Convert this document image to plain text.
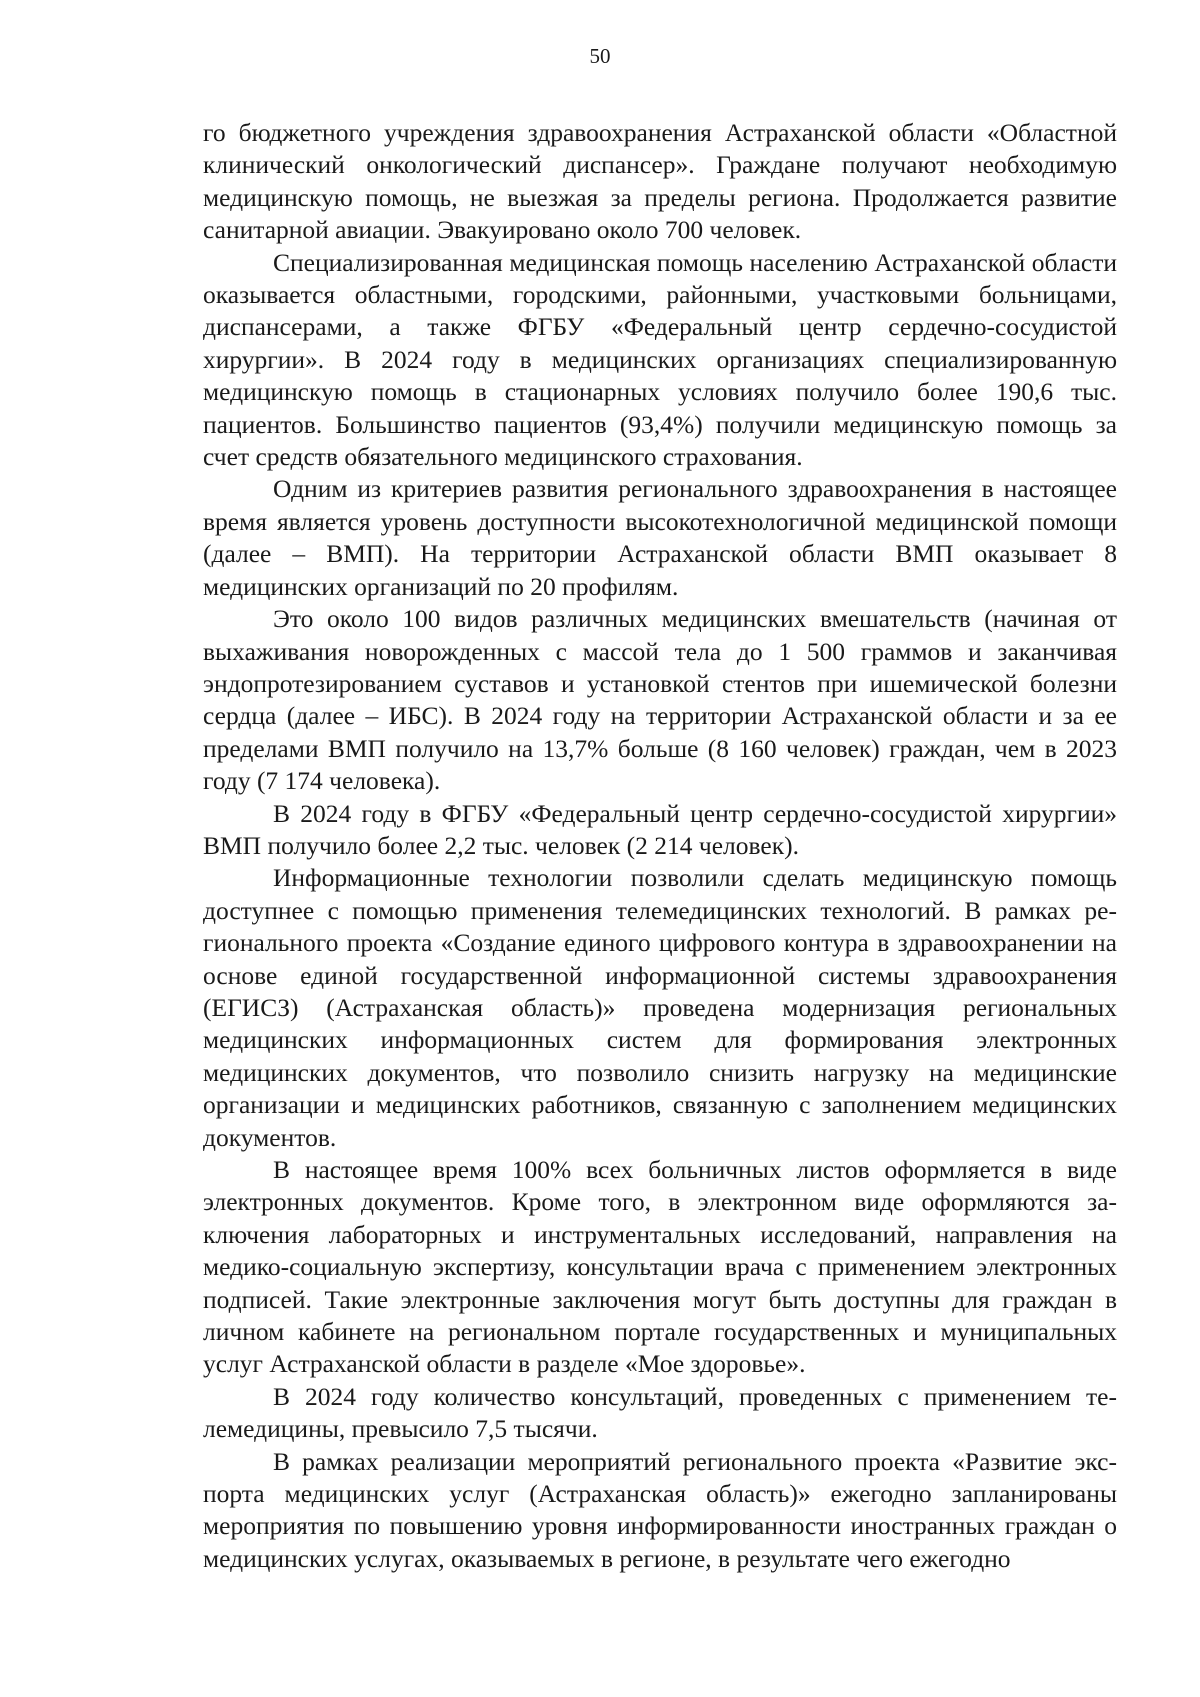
50

го бюджетного учреждения здравоохранения Астраханской области «Областной клинический онкологический диспансер». Граждане получают необходимую медицинскую помощь, не выезжая за пределы региона. Продолжается развитие санитарной авиации. Эвакуировано около 700 человек.

Специализированная медицинская помощь населению Астраханской области оказывается областными, городскими, районными, участковыми больницами, диспансерами, а также ФГБУ «Федеральный центр сердечно-сосудистой хирургии». В 2024 году в медицинских организациях специализированную медицинскую помощь в стационарных условиях получило более 190,6 тыс. пациентов. Большинство пациентов (93,4%) получили медицинскую помощь за счет средств обязательного медицинского страхования.

Одним из критериев развития регионального здравоохранения в настоящее время является уровень доступности высокотехнологичной медицинской помощи (далее – ВМП). На территории Астраханской области ВМП оказывает 8 медицинских организаций по 20 профилям.

Это около 100 видов различных медицинских вмешательств (начиная от выхаживания новорожденных с массой тела до 1 500 граммов и заканчивая эндопротезированием суставов и установкой стентов при ишемической болезни сердца (далее – ИБС). В 2024 году на территории Астраханской области и за ее пределами ВМП получило на 13,7% больше (8 160 человек) граждан, чем в 2023 году (7 174 человека).

В 2024 году в ФГБУ «Федеральный центр сердечно-сосудистой хирургии» ВМП получило более 2,2 тыс. человек (2 214 человек).

Информационные технологии позволили сделать медицинскую помощь доступнее с помощью применения телемедицинских технологий. В рамках регионального проекта «Создание единого цифрового контура в здравоохранении на основе единой государственной информационной системы здравоохранения (ЕГИСЗ) (Астраханская область)» проведена модернизация региональных медицинских информационных систем для формирования электронных медицинских документов, что позволило снизить нагрузку на медицинские организации и медицинских работников, связанную с заполнением медицинских документов.

В настоящее время 100% всех больничных листов оформляется в виде электронных документов. Кроме того, в электронном виде оформляются заключения лабораторных и инструментальных исследований, направления на медико-социальную экспертизу, консультации врача с применением электронных подписей. Такие электронные заключения могут быть доступны для граждан в личном кабинете на региональном портале государственных и муниципальных услуг Астраханской области в разделе «Мое здоровье».

В 2024 году количество консультаций, проведенных с применением телемедицины, превысило 7,5 тысячи.

В рамках реализации мероприятий регионального проекта «Развитие экспорта медицинских услуг (Астраханская область)» ежегодно запланированы мероприятия по повышению уровня информированности иностранных граждан о медицинских услугах, оказываемых в регионе, в результате чего ежегодно
